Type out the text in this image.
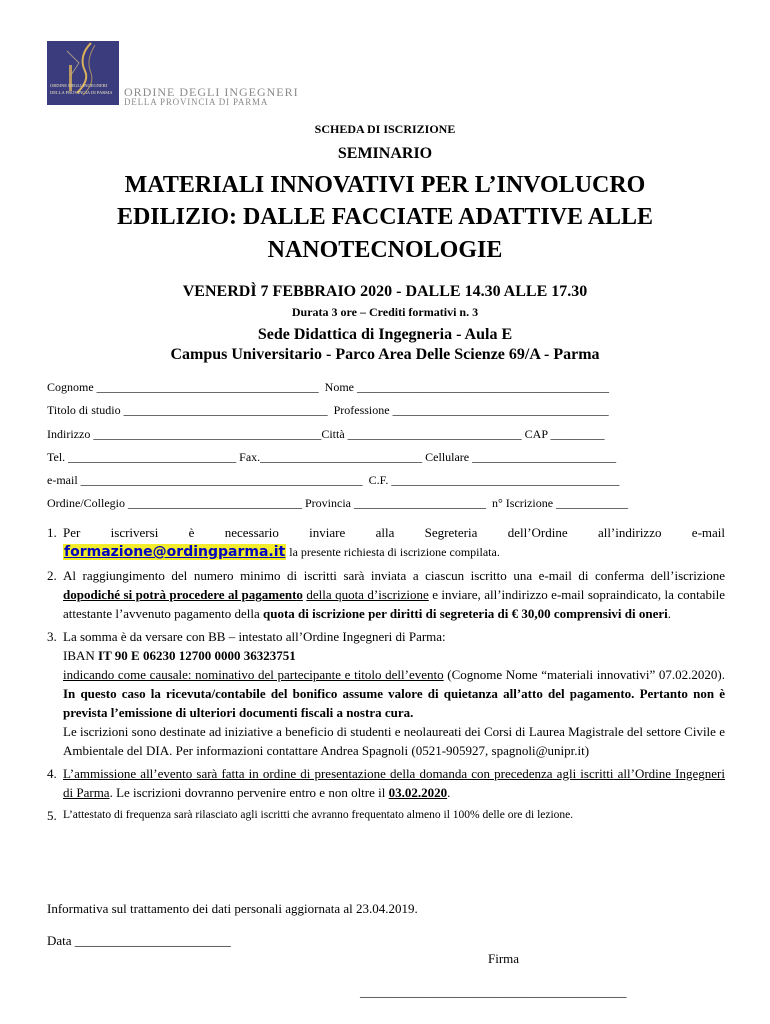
ORDINE DEGLI INGEGNERI
DELLA PROVINCIA DI PARMA ORDINE DEGLI INGEGNERI
DELLA PROVINCIA DI PARMA
SCHEDA DI ISCRIZIONE
SEMINARIO
MATERIALI INNOVATIVI PER L’INVOLUCRO
EDILIZIO: DALLE FACCIATE ADATTIVE ALLE
NANOTECNOLOGIE
VENERDÌ 7 FEBBRAIO 2020 - DALLE 14.30 ALLE 17.30
Durata 3 ore – Crediti formativi n. 3
Sede Didattica di Ingegneria - Aula E
Campus Universitario - Parco Area Delle Scienze 69/A - Parma
Cognome _____________________________________  Nome __________________________________________
Titolo di studio __________________________________  Professione ____________________________________
Indirizzo ______________________________________Città _____________________________ CAP _________
Tel. ____________________________ Fax.___________________________ Cellulare ________________________
e-mail _______________________________________________  C.F. ______________________________________
Ordine/Collegio _____________________________ Provincia ______________________  n° Iscrizione ____________
1. Per iscriversi è necessario inviare alla Segreteria dell’Ordine all’indirizzo e-mail
formazione@ordingparma.it la presente richiesta di iscrizione compilata.
2. Al raggiungimento del numero minimo di iscritti sarà inviata a ciascun iscritto una e-mail di conferma dell’iscrizione dopodiché si potrà procedere al pagamento della quota d’iscrizione e inviare, all’indirizzo e-mail sopraindicato, la contabile attestante l’avvenuto pagamento della quota di iscrizione per diritti di segreteria di € 30,00 comprensivi di oneri.
3. La somma è da versare con BB – intestato all’Ordine Ingegneri di Parma:
IBAN IT 90 E 06230 12700 0000 36323751
indicando come causale: nominativo del partecipante e titolo dell’evento (Cognome Nome “materiali innovativi” 07.02.2020). In questo caso la ricevuta/contabile del bonifico assume valore di quietanza all’atto del pagamento. Pertanto non è prevista l’emissione di ulteriori documenti fiscali a nostra cura.
Le iscrizioni sono destinate ad iniziative a beneficio di studenti e neolaureati dei Corsi di Laurea Magistrale del settore Civile e Ambientale del DIA. Per informazioni contattare Andrea Spagnoli (0521-905927, spagnoli@unipr.it)
4. L’ammissione all’evento sarà fatta in ordine di presentazione della domanda con precedenza agli iscritti all’Ordine Ingegneri di Parma. Le iscrizioni dovranno pervenire entro e non oltre il 03.02.2020.
5. L’attestato di frequenza sarà rilasciato agli iscritti che avranno frequentato almeno il 100% delle ore di lezione.
Informativa sul trattamento dei dati personali aggiornata al 23.04.2019.
Data ________________________
Firma
_________________________________________
